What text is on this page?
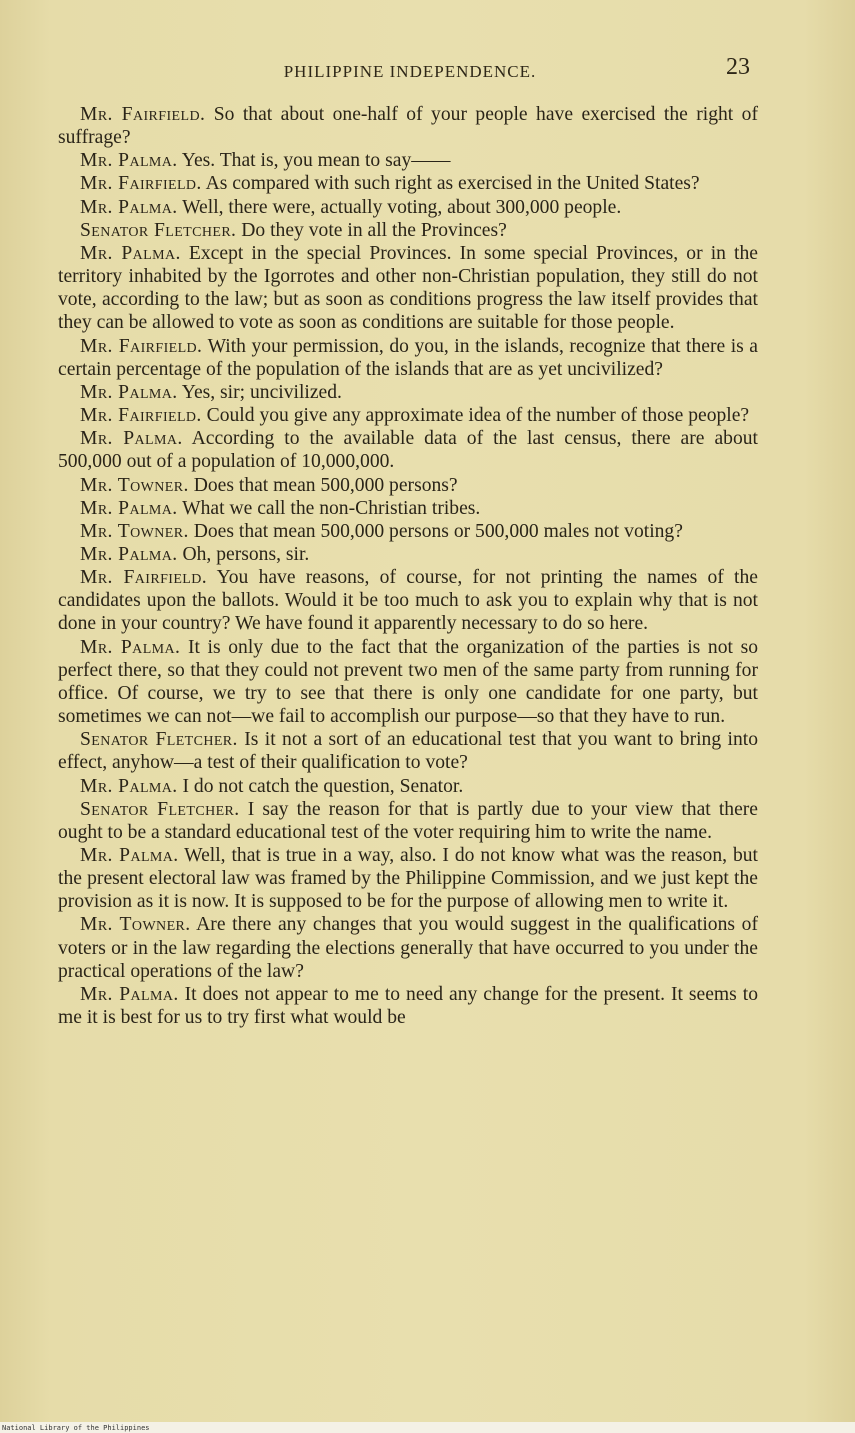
PHILIPPINE INDEPENDENCE.	23

Mr. Fairfield. So that about one-half of your people have exercised the right of suffrage?

Mr. Palma. Yes. That is, you mean to say——

Mr. Fairfield. As compared with such right as exercised in the United States?

Mr. Palma. Well, there were, actually voting, about 300,000 people.

Senator Fletcher. Do they vote in all the Provinces?

Mr. Palma. Except in the special Provinces. In some special Provinces, or in the territory inhabited by the Igorrotes and other non-Christian population, they still do not vote, according to the law; but as soon as conditions progress the law itself provides that they can be allowed to vote as soon as conditions are suitable for those people.

Mr. Fairfield. With your permission, do you, in the islands, recognize that there is a certain percentage of the population of the islands that are as yet uncivilized?

Mr. Palma. Yes, sir; uncivilized.

Mr. Fairfield. Could you give any approximate idea of the number of those people?

Mr. Palma. According to the available data of the last census, there are about 500,000 out of a population of 10,000,000.

Mr. Towner. Does that mean 500,000 persons?

Mr. Palma. What we call the non-Christian tribes.

Mr. Towner. Does that mean 500,000 persons or 500,000 males not voting?

Mr. Palma. Oh, persons, sir.

Mr. Fairfield. You have reasons, of course, for not printing the names of the candidates upon the ballots. Would it be too much to ask you to explain why that is not done in your country? We have found it apparently necessary to do so here.

Mr. Palma. It is only due to the fact that the organization of the parties is not so perfect there, so that they could not prevent two men of the same party from running for office. Of course, we try to see that there is only one candidate for one party, but sometimes we can not—we fail to accomplish our purpose—so that they have to run.

Senator Fletcher. Is it not a sort of an educational test that you want to bring into effect, anyhow—a test of their qualification to vote?

Mr. Palma. I do not catch the question, Senator.

Senator Fletcher. I say the reason for that is partly due to your view that there ought to be a standard educational test of the voter requiring him to write the name.

Mr. Palma. Well, that is true in a way, also. I do not know what was the reason, but the present electoral law was framed by the Philippine Commission, and we just kept the provision as it is now. It is supposed to be for the purpose of allowing men to write it.

Mr. Towner. Are there any changes that you would suggest in the qualifications of voters or in the law regarding the elections generally that have occurred to you under the practical operations of the law?

Mr. Palma. It does not appear to me to need any change for the present. It seems to me it is best for us to try first what would be

National Library of the Philippines
